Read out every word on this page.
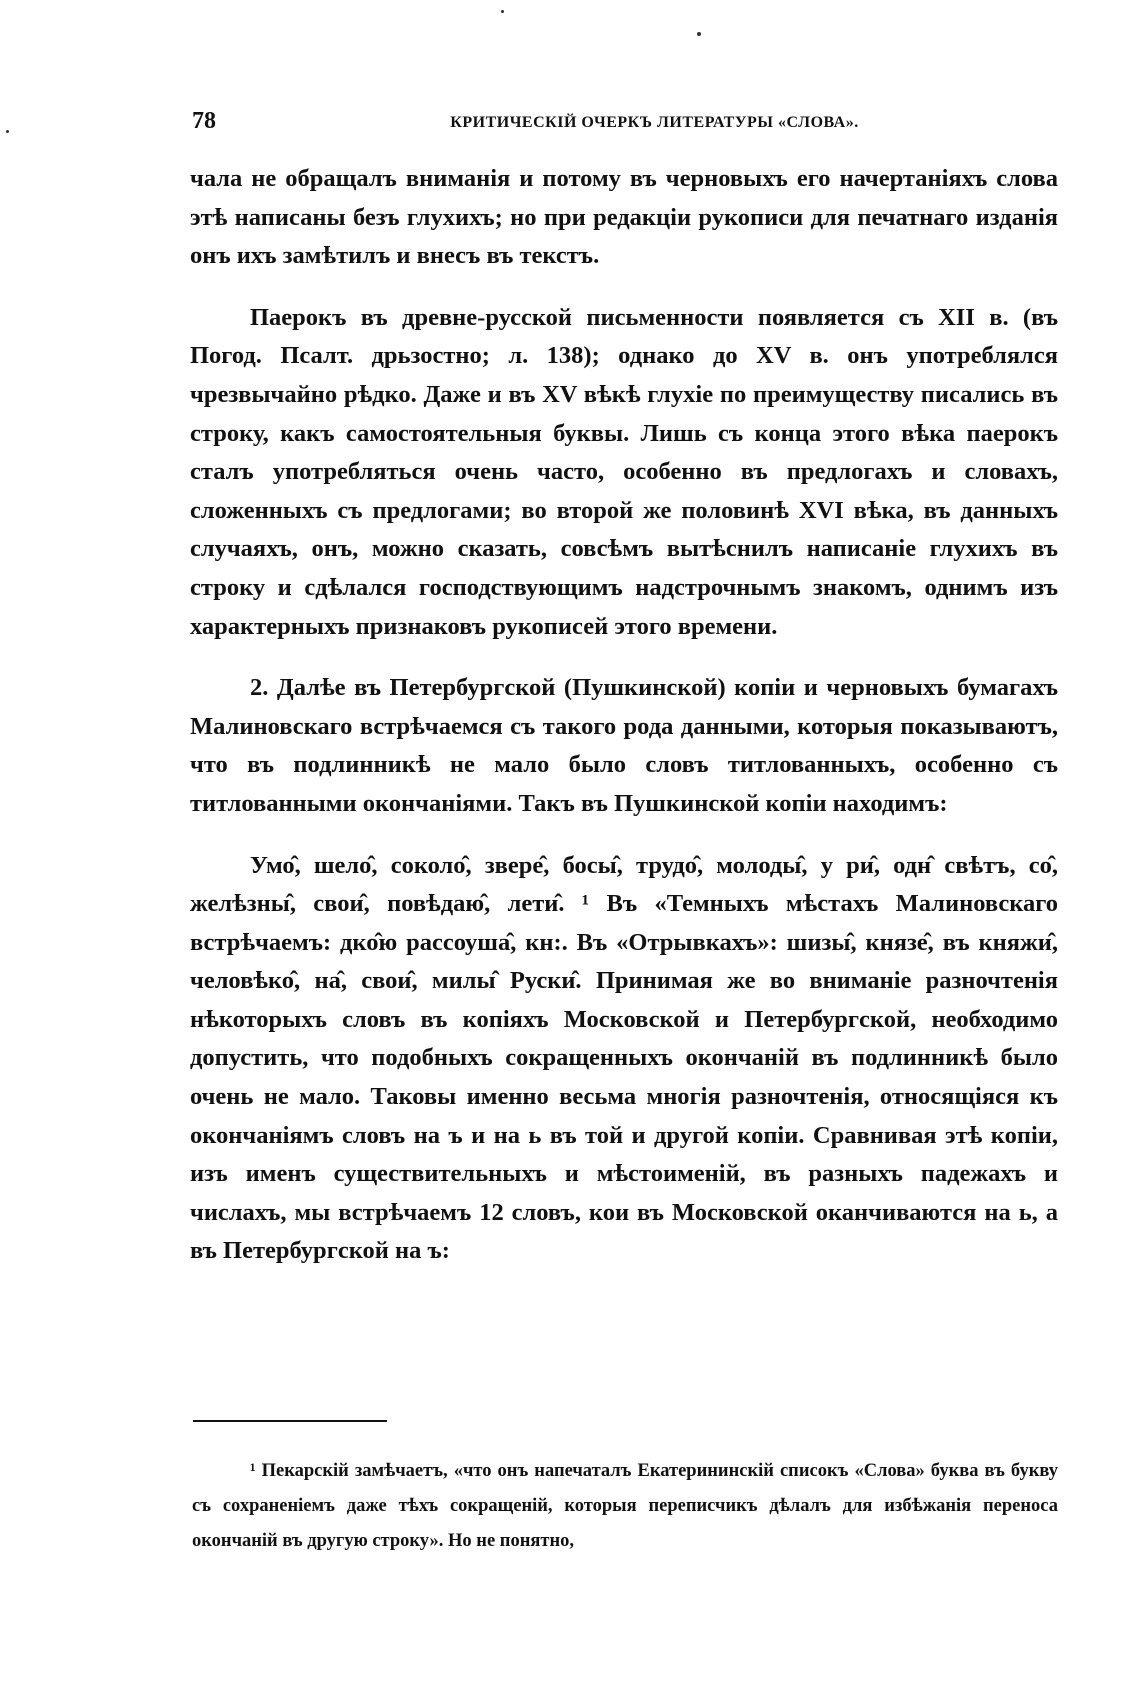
78	КРИТИЧЕСКІЙ ОЧЕРКЪ ЛИТЕРАТУРЫ «СЛОВА».

чала не обращалъ вниманія и потому въ черновыхъ его начертаніяхъ слова этѣ написаны безъ глухихъ; но при редакціи рукописи для печатнаго изданія онъ ихъ замѣтилъ и внесъ въ текстъ.

Паерокъ въ древне-русской письменности появляется съ XII в. (въ Погод. Псалт. дрьзостно; л. 138); однако до XV в. онъ употреблялся чрезвычайно рѣдко. Даже и въ XV вѣкѣ глухіе по преимуществу писались въ строку, какъ самостоятельныя буквы. Лишь съ конца этого вѣка паерокъ сталъ употребляться очень часто, особенно въ предлогахъ и словахъ, сложенныхъ съ предлогами; во второй же половинѣ XVI вѣка, въ данныхъ случаяхъ, онъ, можно сказать, совсѣмъ вытѣснилъ написаніе глухихъ въ строку и сдѣлался господствующимъ надстрочнымъ знакомъ, однимъ изъ характерныхъ признаковъ рукописей этого времени.

2. Далѣе въ Петербургской (Пушкинской) копіи и черновыхъ бумагахъ Малиновскаго встрѣчаемся съ такого рода данными, которыя показываютъ, что въ подлинникѣ не мало было словъ титлованныхъ, особенно съ титлованными окончаніями. Такъ въ Пушкинской копіи находимъ:

Умо̂, шело̂, соколо̂, звере̂, босы̂, трудо̂, молоды̂, у ри̂, одн̂ свѣтъ, со̂, желѣзны̂, свои̂, повѣдаю̂, лети̂. ¹ Въ «Темныхъ мѣстахъ Малиновскаго встрѣчаемъ: дко̂ю рассоуша̂, кн:. Въ «Отрывкахъ»: шизы̂, князе̂, въ княжи̂, человѣко̂, на̂, свои̂, милы̂ Руски̂. Принимая же во вниманіе разночтенія нѣкоторыхъ словъ въ копіяхъ Московской и Петербургской, необходимо допустить, что подобныхъ сокращенныхъ окончаній въ подлинникѣ было очень не мало. Таковы именно весьма многія разночтенія, относящіяся къ окончаніямъ словъ на ъ и на ь въ той и другой копіи. Сравнивая этѣ копіи, изъ именъ существительныхъ и мѣстоименій, въ разныхъ падежахъ и числахъ, мы встрѣчаемъ 12 словъ, кои въ Московской оканчиваются на ь, а въ Петербургской на ъ:

¹ Пекарскій замѣчаетъ, «что онъ напечаталъ Екатерининскій списокъ «Слова» буква въ букву съ сохраненіемъ даже тѣхъ сокращеній, которыя переписчикъ дѣлалъ для избѣжанія переноса окончаній въ другую строку». Но не понятно,
